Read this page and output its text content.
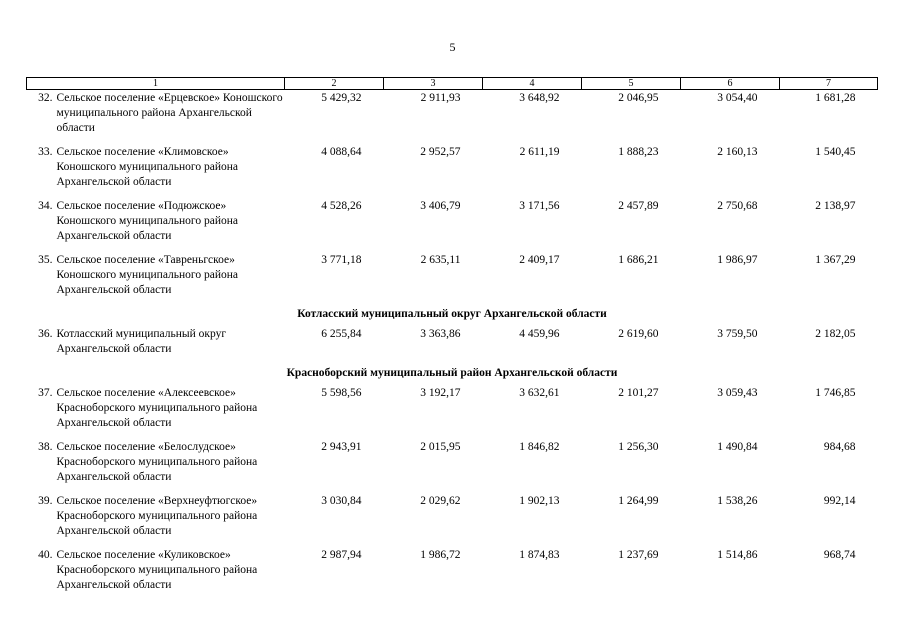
5
1	2	3	4	5	6	7

32. Сельское поселение «Ерцевское» Коношского муниципального района Архангельской области	5 429,32	2 911,93	3 648,92	2 046,95	3 054,40	1 681,28

33. Сельское поселение «Климовское» Коношского муниципального района Архангельской области	4 088,64	2 952,57	2 611,19	1 888,23	2 160,13	1 540,45

34. Сельское поселение «Подюжское» Коношского муниципального района Архангельской области	4 528,26	3 406,79	3 171,56	2 457,89	2 750,68	2 138,97

35. Сельское поселение «Тавреньгское» Коношского муниципального района Архангельской области	3 771,18	2 635,11	2 409,17	1 686,21	1 986,97	1 367,29
Котласский муниципальный округ Архангельской области						

36. Котласский муниципальный округ Архангельской области	6 255,84	3 363,86	4 459,96	2 619,60	3 759,50	2 182,05
Красноборский муниципальный район Архангельской области						

37. Сельское поселение «Алексеевское» Красноборского муниципального района Архангельской области	5 598,56	3 192,17	3 632,61	2 101,27	3 059,43	1 746,85

38. Сельское поселение «Белослудское» Красноборского муниципального района Архангельской области	2 943,91	2 015,95	1 846,82	1 256,30	1 490,84	984,68

39. Сельское поселение «Верхнеуфтюгское» Красноборского муниципального района Архангельской области	3 030,84	2 029,62	1 902,13	1 264,99	1 538,26	992,14

40. Сельское поселение «Куликовское» Красноборского муниципального района Архангельской области	2 987,94	1 986,72	1 874,83	1 237,69	1 514,86	968,74
